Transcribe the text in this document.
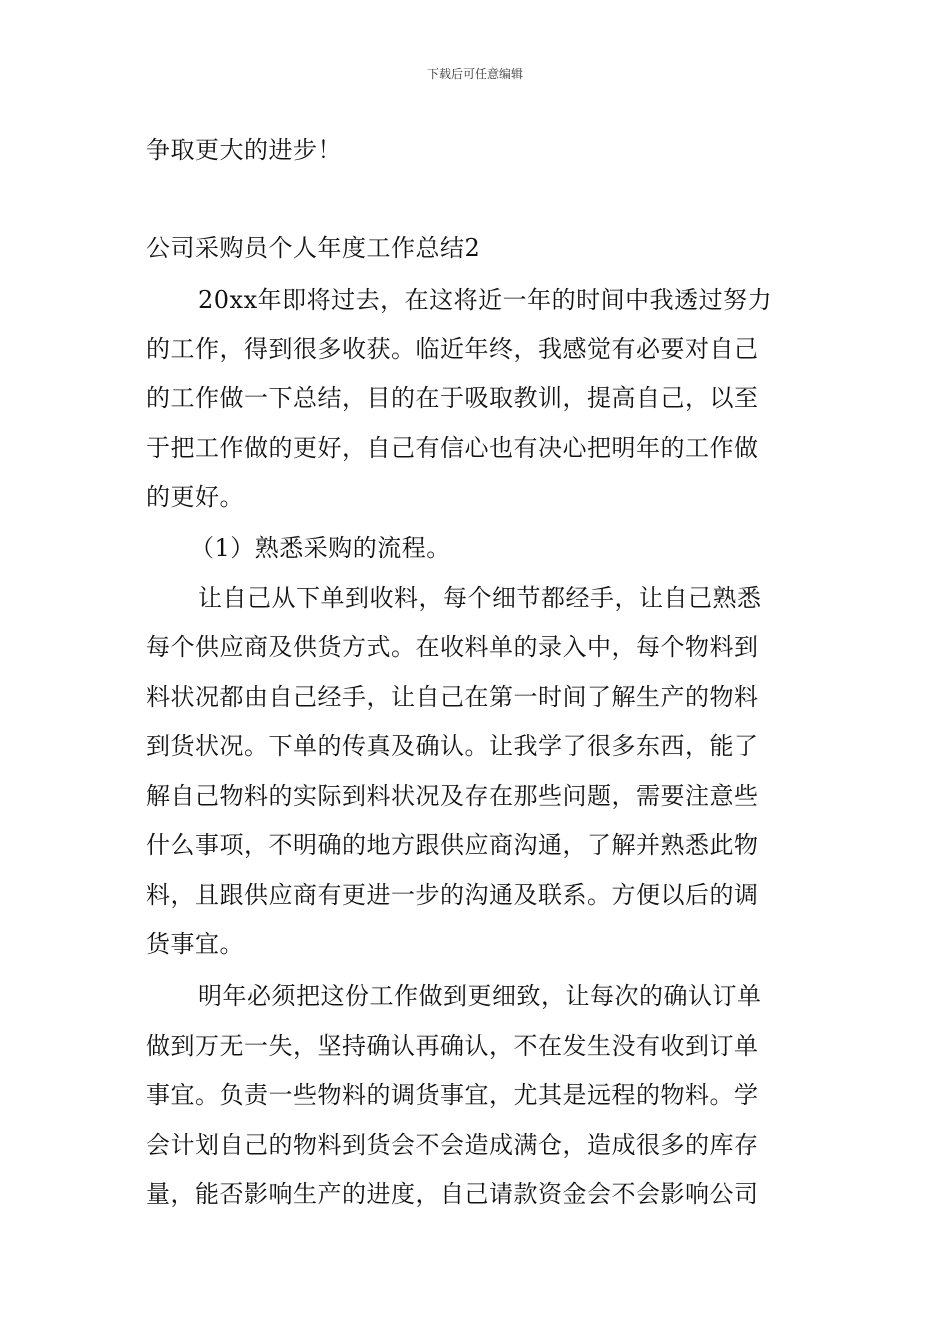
下载后可任意编辑
争取更大的进步！
公司采购员个人年度工作总结2
20xx年即将过去，在这将近一年的时间中我透过努力
的工作，得到很多收获。临近年终，我感觉有必要对自己
的工作做一下总结，目的在于吸取教训，提高自己，以至
于把工作做的更好，自己有信心也有决心把明年的工作做
的更好。
（1）熟悉采购的流程。
让自己从下单到收料，每个细节都经手，让自己熟悉
每个供应商及供货方式。在收料单的录入中，每个物料到
料状况都由自己经手，让自己在第一时间了解生产的物料
到货状况。下单的传真及确认。让我学了很多东西，能了
解自己物料的实际到料状况及存在那些问题，需要注意些
什么事项，不明确的地方跟供应商沟通，了解并熟悉此物
料，且跟供应商有更进一步的沟通及联系。方便以后的调
货事宜。
明年必须把这份工作做到更细致，让每次的确认订单
做到万无一失，坚持确认再确认，不在发生没有收到订单
事宜。负责一些物料的调货事宜，尤其是远程的物料。学
会计划自己的物料到货会不会造成满仓，造成很多的库存
量，能否影响生产的进度，自己请款资金会不会影响公司
